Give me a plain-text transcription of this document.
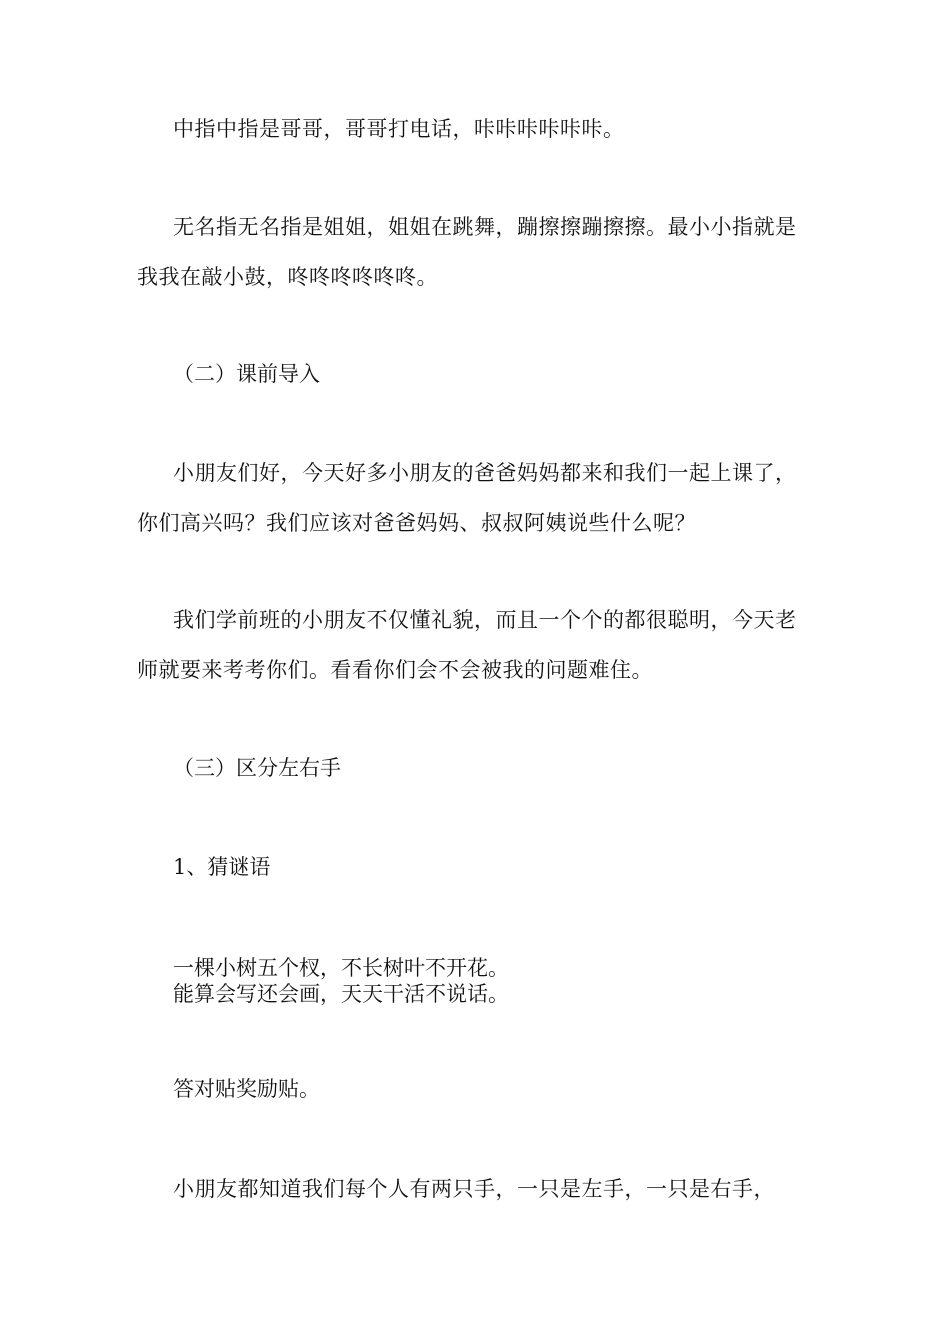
中指中指是哥哥，哥哥打电话，咔咔咔咔咔咔。

无名指无名指是姐姐，姐姐在跳舞，蹦擦擦蹦擦擦。最小小指就是我我在敲小鼓，咚咚咚咚咚咚。

（二）课前导入

小朋友们好，今天好多小朋友的爸爸妈妈都来和我们一起上课了，你们高兴吗？我们应该对爸爸妈妈、叔叔阿姨说些什么呢？

我们学前班的小朋友不仅懂礼貌，而且一个个的都很聪明，今天老师就要来考考你们。看看你们会不会被我的问题难住。

（三）区分左右手

1、猜谜语

一棵小树五个杈，不长树叶不开花。
能算会写还会画，天天干活不说话。

答对贴奖励贴。

小朋友都知道我们每个人有两只手，一只是左手，一只是右手，
